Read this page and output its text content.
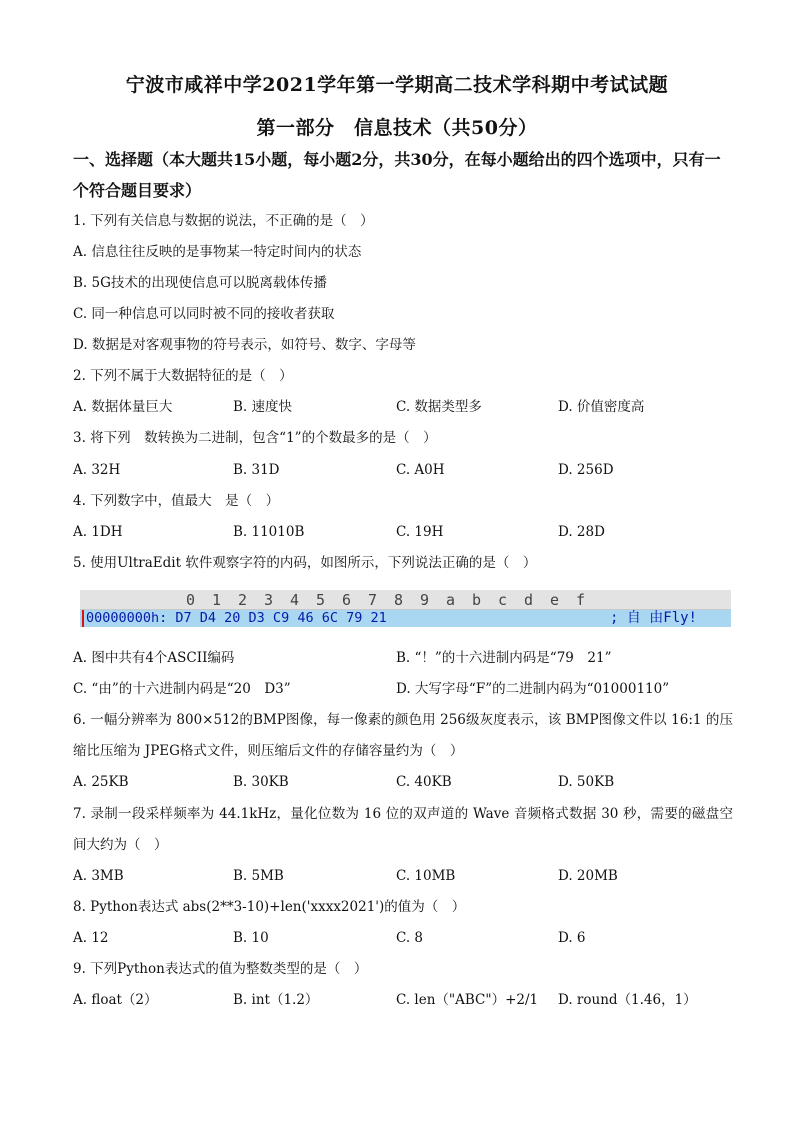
宁波市咸祥中学2021学年第一学期高二技术学科期中考试试题
第一部分　信息技术（共50分）
一、选择题（本大题共15小题，每小题2分，共30分，在每小题给出的四个选项中，只有一个符合题目要求）
1. 下列有关信息与数据的说法，不正确的是（　）
A. 信息往往反映的是事物某一特定时间内的状态
B. 5G技术的出现使信息可以脱离载体传播
C. 同一种信息可以同时被不同的接收者获取
D. 数据是对客观事物的符号表示，如符号、数字、字母等
2. 下列不属于大数据特征的是（　）
A. 数据体量巨大	B. 速度快	C. 数据类型多	D. 价值密度高
3. 将下列　数转换为二进制，包含“1”的个数最多的是（　）
A. 32H	B. 31D	C. A0H	D. 256D
4. 下列数字中，值最大　是（　）
A. 1DH	B. 11010B	C. 19H	D. 28D
5. 使用UltraEdit 软件观察字符的内码，如图所示，下列说法正确的是（　）
0 1 2 3 4 5 6 7 8 9 a b c d e f
00000000h: D7 D4 20 D3 C9 46 6C 79 21	; 自 由Fly!
A. 图中共有4个ASCII编码	B. “！”的十六进制内码是“79　21”
C. “由”的十六进制内码是“20　D3”	D. 大写字母“F”的二进制内码为“01000110”
6. 一幅分辨率为 800×512的BMP图像，每一像素的颜色用 256级灰度表示，该 BMP图像文件以 16:1 的压缩比压缩为 JPEG格式文件，则压缩后文件的存储容量约为（　）
A. 25KB	B. 30KB	C. 40KB	D. 50KB
7. 录制一段采样频率为 44.1kHz，量化位数为 16 位的双声道的 Wave 音频格式数据 30 秒，需要的磁盘空间大约为（　）
A. 3MB	B. 5MB	C. 10MB	D. 20MB
8. Python表达式 abs(2**3-10)+len('xxxx2021')的值为（　）
A. 12	B. 10	C. 8	D. 6
9. 下列Python表达式的值为整数类型的是（　）
A. float（2）	B. int（1.2）	C. len（"ABC"）+2/1 D. round（1.46，1）
